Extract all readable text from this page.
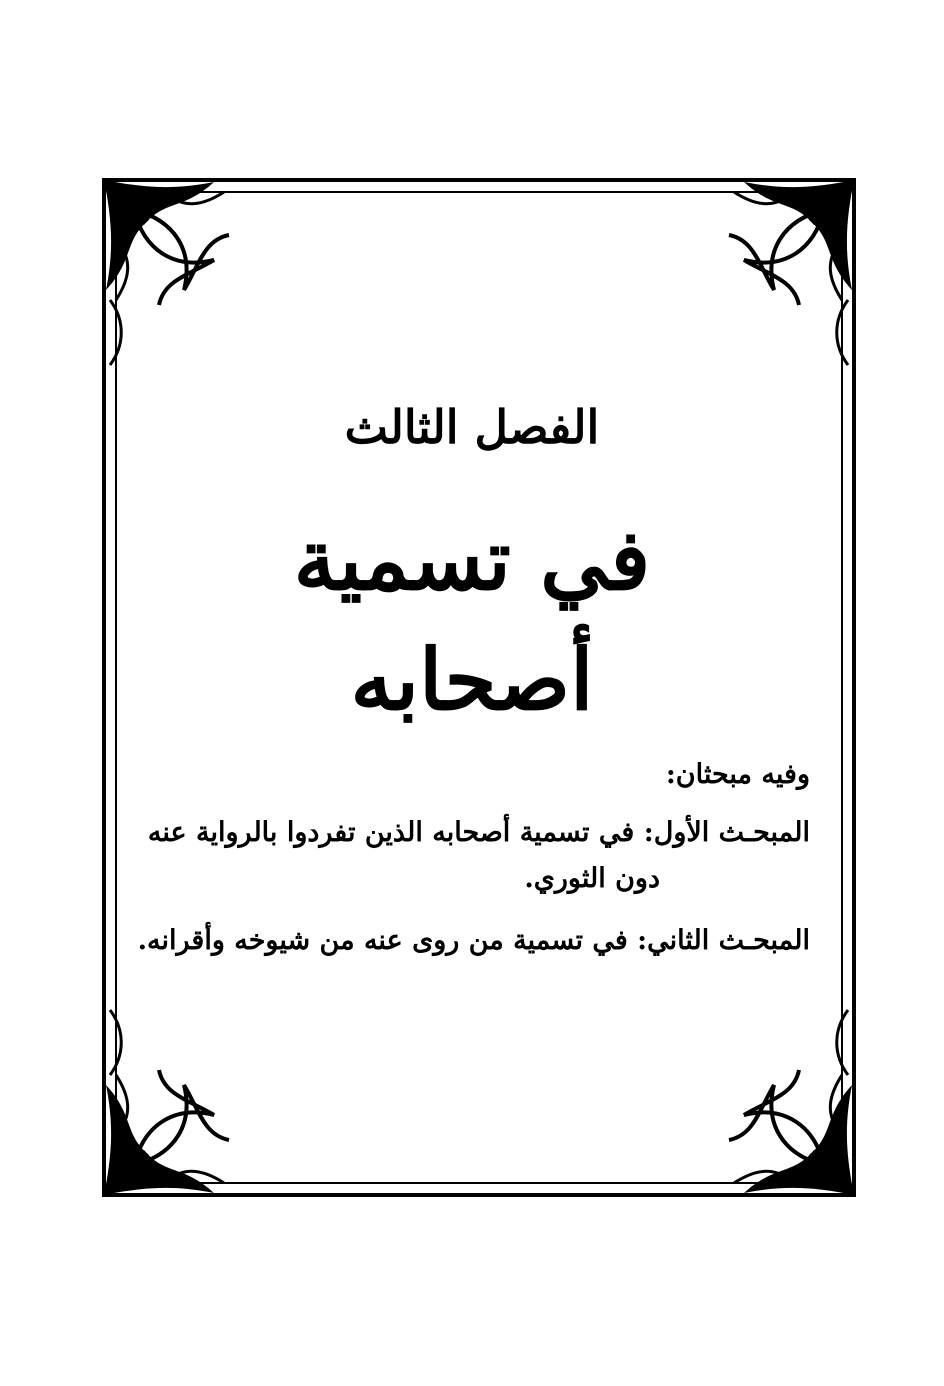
الفصل الثالث
في تسمية أصحابه
وفيه مبحثان:
المبحـث الأول: في تسمية أصحابه الذين تفردوا بالرواية عنه
دون الثوري.
المبحـث الثاني: في تسمية من روى عنه من شيوخه وأقرانه.
